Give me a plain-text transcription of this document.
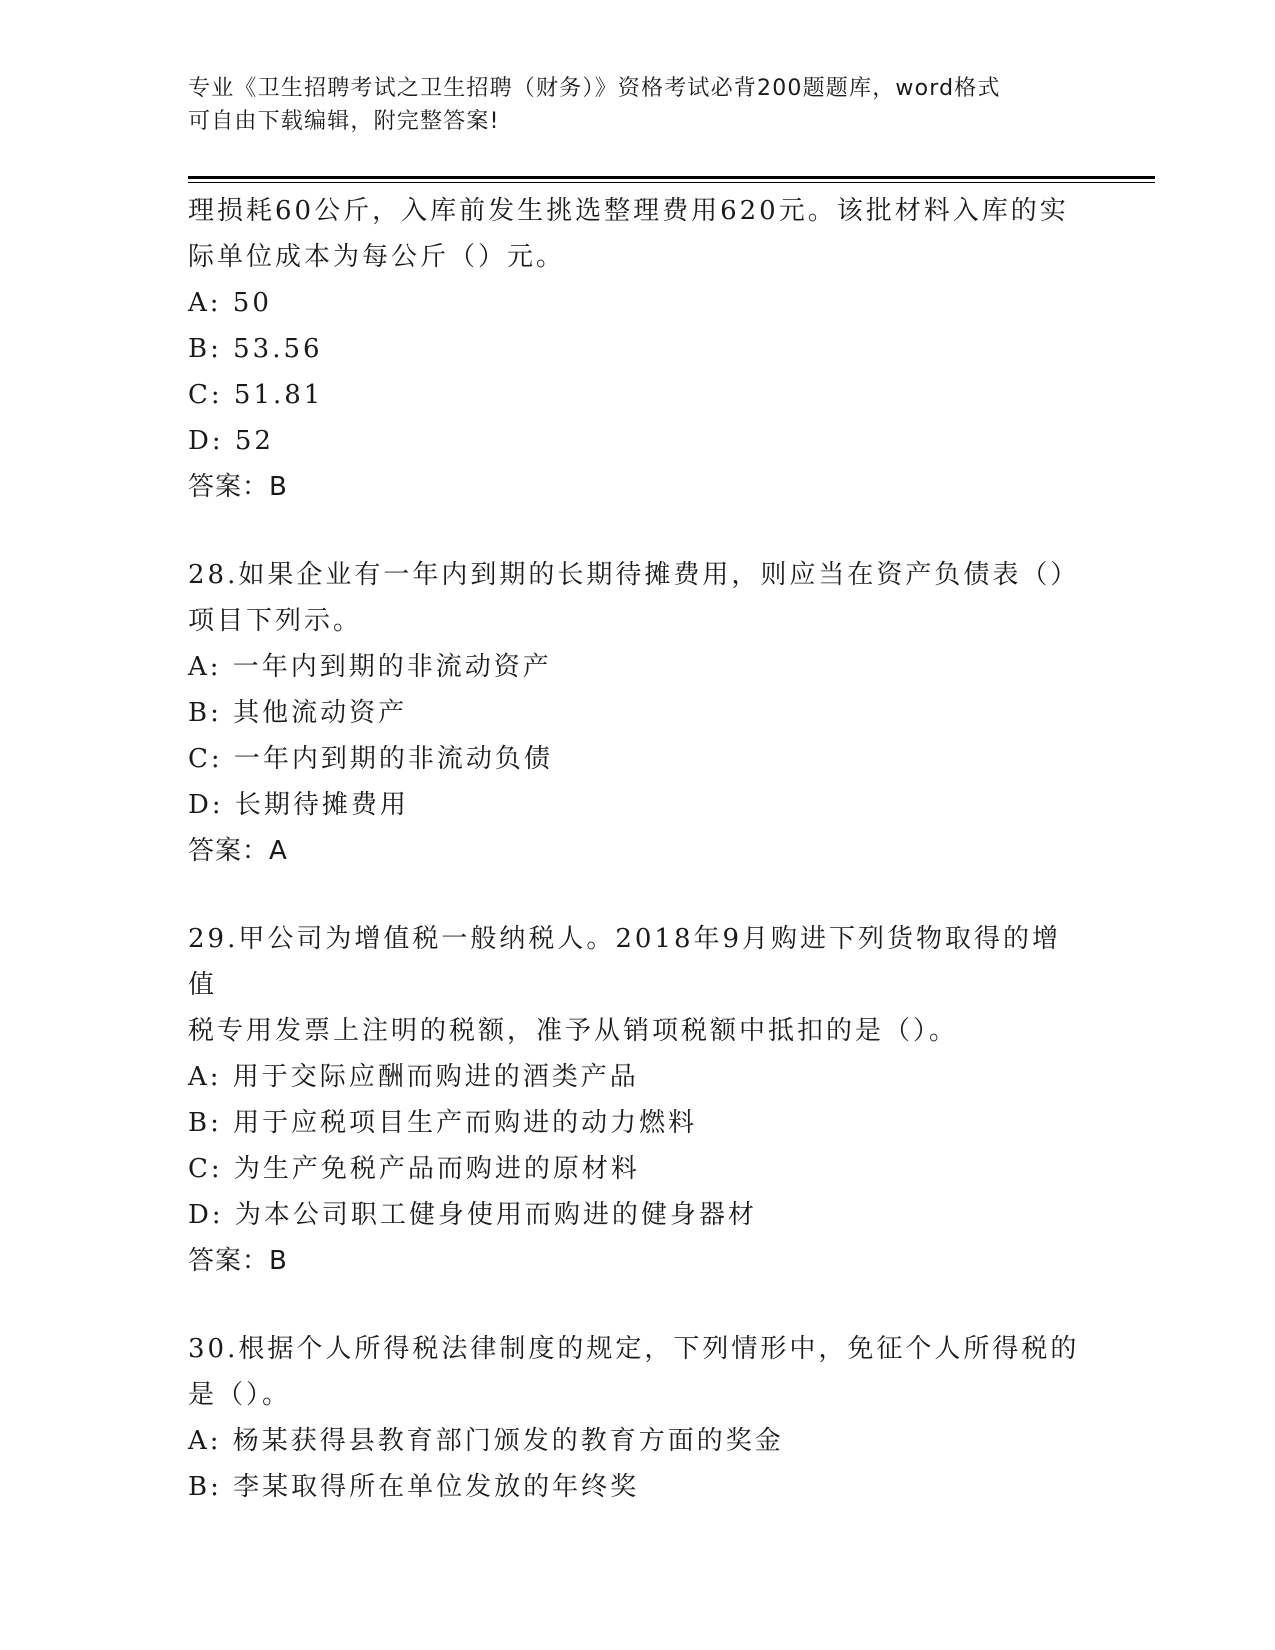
专业《卫生招聘考试之卫生招聘（财务）》资格考试必背200题题库，word格式
可自由下载编辑，附完整答案!
理损耗60公斤，入库前发生挑选整理费用620元。该批材料入库的实
际单位成本为每公斤（）元。
A: 50
B: 53.56
C: 51.81
D: 52
答案：B
28.如果企业有一年内到期的长期待摊费用，则应当在资产负债表（）
项目下列示。
A: 一年内到期的非流动资产
B: 其他流动资产
C: 一年内到期的非流动负债
D: 长期待摊费用
答案：A
29.甲公司为增值税一般纳税人。2018年9月购进下列货物取得的增值
税专用发票上注明的税额，准予从销项税额中抵扣的是（）。
A: 用于交际应酬而购进的酒类产品
B: 用于应税项目生产而购进的动力燃料
C: 为生产免税产品而购进的原材料
D: 为本公司职工健身使用而购进的健身器材
答案：B
30.根据个人所得税法律制度的规定，下列情形中，免征个人所得税的
是（）。
A: 杨某获得县教育部门颁发的教育方面的奖金
B: 李某取得所在单位发放的年终奖
